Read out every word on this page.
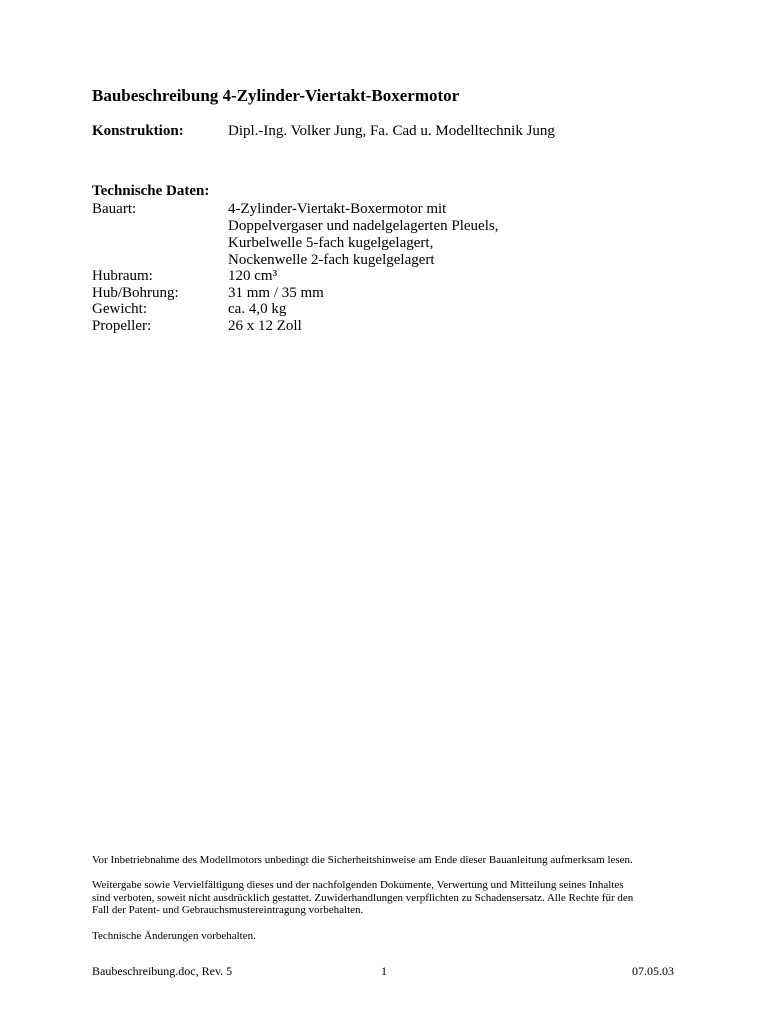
Baubeschreibung 4-Zylinder-Viertakt-Boxermotor
Konstruktion:	Dipl.-Ing. Volker Jung, Fa. Cad u. Modelltechnik Jung
Technische Daten:
Bauart:	4-Zylinder-Viertakt-Boxermotor mit
Doppelvergaser und nadelgelagerten Pleuels,
Kurbelwelle 5-fach kugelgelagert,
Nockenwelle 2-fach kugelgelagert
Hubraum:	120 cm³
Hub/Bohrung:	31 mm / 35 mm
Gewicht:	ca. 4,0 kg
Propeller:	26 x 12 Zoll
Vor Inbetriebnahme des Modellmotors unbedingt die Sicherheitshinweise am Ende dieser Bauanleitung aufmerksam lesen.
Weitergabe sowie Vervielfältigung dieses und der nachfolgenden Dokumente, Verwertung und Mitteilung seines Inhaltes
sind verboten, soweit nicht ausdrücklich gestattet. Zuwiderhandlungen verpflichten zu Schadensersatz. Alle Rechte für den
Fall der Patent- und Gebrauchsmustereintragung vorbehalten.
Technische Änderungen vorbehalten.
Baubeschreibung.doc, Rev. 5	1	07.05.03
